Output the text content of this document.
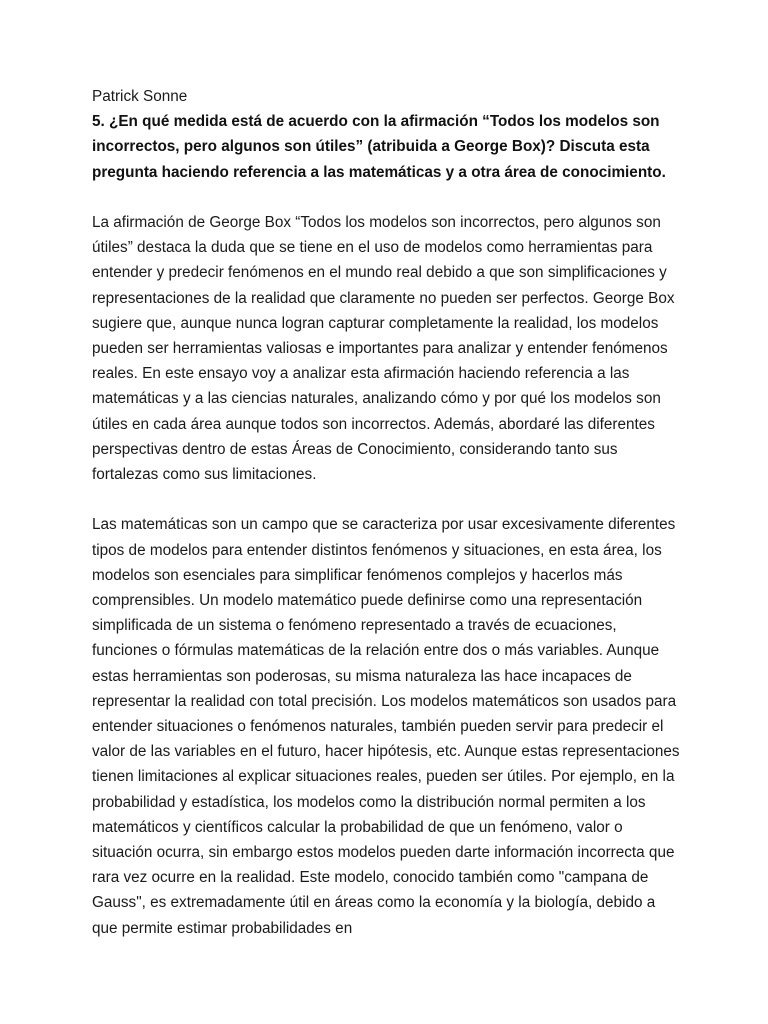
Patrick Sonne

5. ¿En qué medida está de acuerdo con la afirmación “Todos los modelos son incorrectos, pero algunos son útiles” (atribuida a George Box)? Discuta esta pregunta haciendo referencia a las matemáticas y a otra área de conocimiento.

La afirmación de George Box “Todos los modelos son incorrectos, pero algunos son útiles” destaca la duda que se tiene en el uso de modelos como herramientas para entender y predecir fenómenos en el mundo real debido a que son simplificaciones y representaciones de la realidad que claramente no pueden ser perfectos. George Box sugiere que, aunque nunca logran capturar completamente la realidad, los modelos pueden ser herramientas valiosas e importantes para analizar y entender fenómenos reales. En este ensayo voy a analizar esta afirmación haciendo referencia a las matemáticas y a las ciencias naturales, analizando cómo y por qué los modelos son útiles en cada área aunque todos son incorrectos. Además, abordaré las diferentes perspectivas dentro de estas Áreas de Conocimiento, considerando tanto sus fortalezas como sus limitaciones.

Las matemáticas son un campo que se caracteriza por usar excesivamente diferentes tipos de modelos para entender distintos fenómenos y situaciones, en esta área, los modelos son esenciales para simplificar fenómenos complejos y hacerlos más comprensibles. Un modelo matemático puede definirse como una representación simplificada de un sistema o fenómeno representado a través de ecuaciones, funciones o fórmulas matemáticas de la relación entre dos o más variables. Aunque estas herramientas son poderosas, su misma naturaleza las hace incapaces de representar la realidad con total precisión. Los modelos matemáticos son usados para entender situaciones o fenómenos naturales, también pueden servir para predecir el valor de las variables en el futuro, hacer hipótesis, etc. Aunque estas representaciones tienen limitaciones al explicar situaciones reales, pueden ser útiles. Por ejemplo, en la probabilidad y estadística, los modelos como la distribución normal permiten a los matemáticos y científicos calcular la probabilidad de que un fenómeno, valor o situación ocurra, sin embargo estos modelos pueden darte información incorrecta que rara vez ocurre en la realidad. Este modelo, conocido también como "campana de Gauss", es extremadamente útil en áreas como la economía y la biología, debido a que permite estimar probabilidades en
